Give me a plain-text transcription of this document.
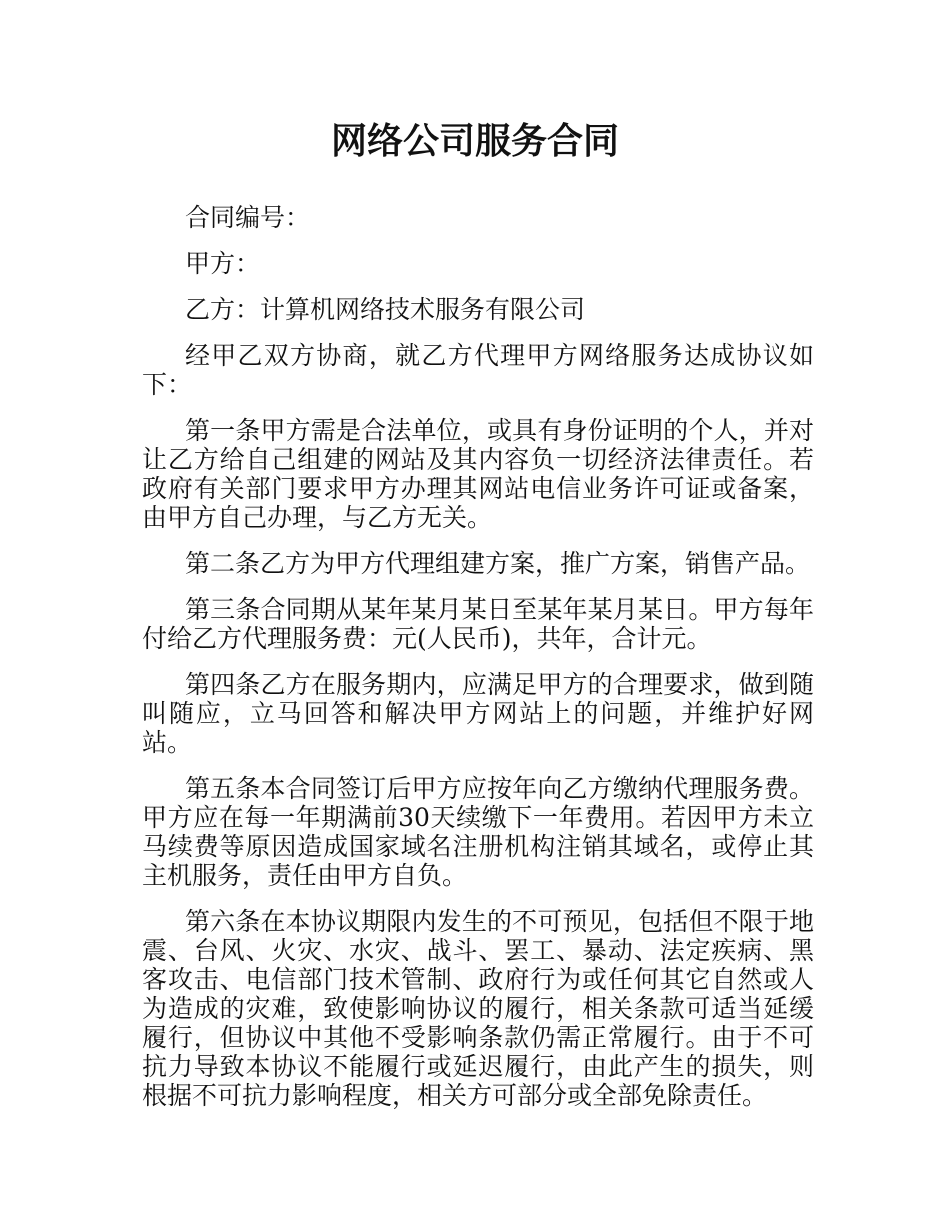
网络公司服务合同

合同编号：

甲方：

乙方：计算机网络技术服务有限公司

经甲乙双方协商，就乙方代理甲方网络服务达成协议如下：

第一条甲方需是合法单位，或具有身份证明的个人，并对让乙方给自己组建的网站及其内容负一切经济法律责任。若政府有关部门要求甲方办理其网站电信业务许可证或备案，由甲方自己办理，与乙方无关。

第二条乙方为甲方代理组建方案，推广方案，销售产品。

第三条合同期从某年某月某日至某年某月某日。甲方每年付给乙方代理服务费：元(人民币)，共年，合计元。

第四条乙方在服务期内，应满足甲方的合理要求，做到随叫随应，立马回答和解决甲方网站上的问题，并维护好网站。

第五条本合同签订后甲方应按年向乙方缴纳代理服务费。甲方应在每一年期满前30天续缴下一年费用。若因甲方未立马续费等原因造成国家域名注册机构注销其域名，或停止其主机服务，责任由甲方自负。

第六条在本协议期限内发生的不可预见，包括但不限于地震、台风、火灾、水灾、战斗、罢工、暴动、法定疾病、黑客攻击、电信部门技术管制、政府行为或任何其它自然或人为造成的灾难，致使影响协议的履行，相关条款可适当延缓履行，但协议中其他不受影响条款仍需正常履行。由于不可抗力导致本协议不能履行或延迟履行，由此产生的损失，则根据不可抗力影响程度，相关方可部分或全部免除责任。
